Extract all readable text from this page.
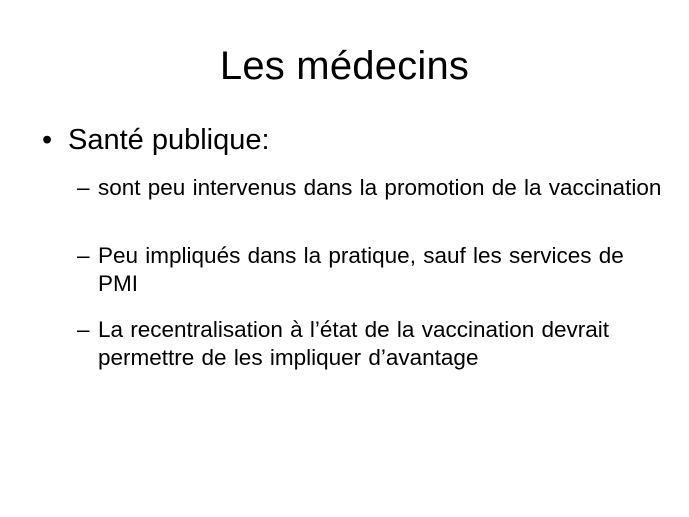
Les médecins
• Santé publique:
– sont peu intervenus dans la promotion de la vaccination
– Peu impliqués dans la pratique, sauf les services de PMI
– La recentralisation à l’état de la vaccination devrait permettre de les impliquer d’avantage
